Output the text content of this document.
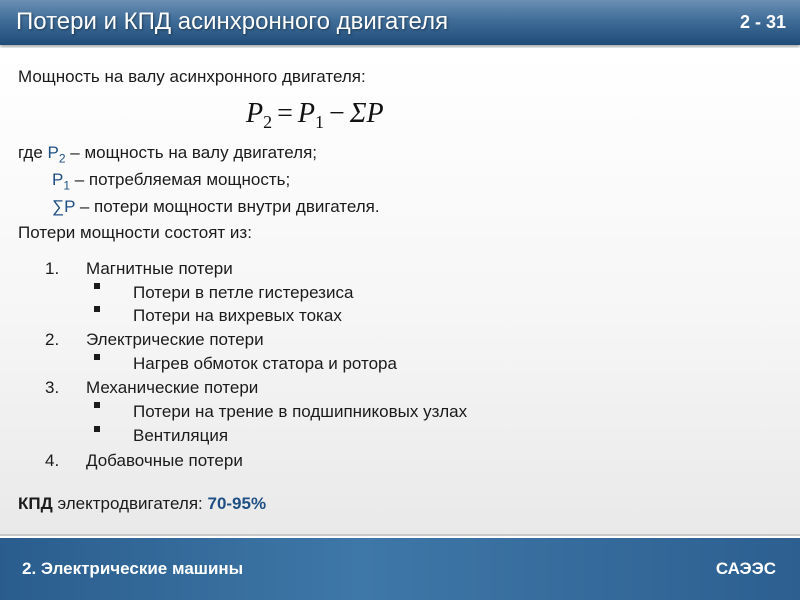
Потери и КПД асинхронного двигателя	2 - 31
Мощность на валу асинхронного двигателя:
$P_2 = P_1 - \Sigma P$
где $P_2$ – мощность на валу двигателя;
$P_1$ – потребляемая мощность;
∑P – потери мощности внутри двигателя.
Потери мощности состоят из:
1. Магнитные потери
Потери в петле гистерезиса
Потери на вихревых токах
2. Электрические потери
Нагрев обмоток статора и ротора
3. Механические потери
Потери на трение в подшипниковых узлах
Вентиляция
4. Добавочные потери
КПД электродвигателя: 70-95%
2. Электрические машины	САЭЭС
